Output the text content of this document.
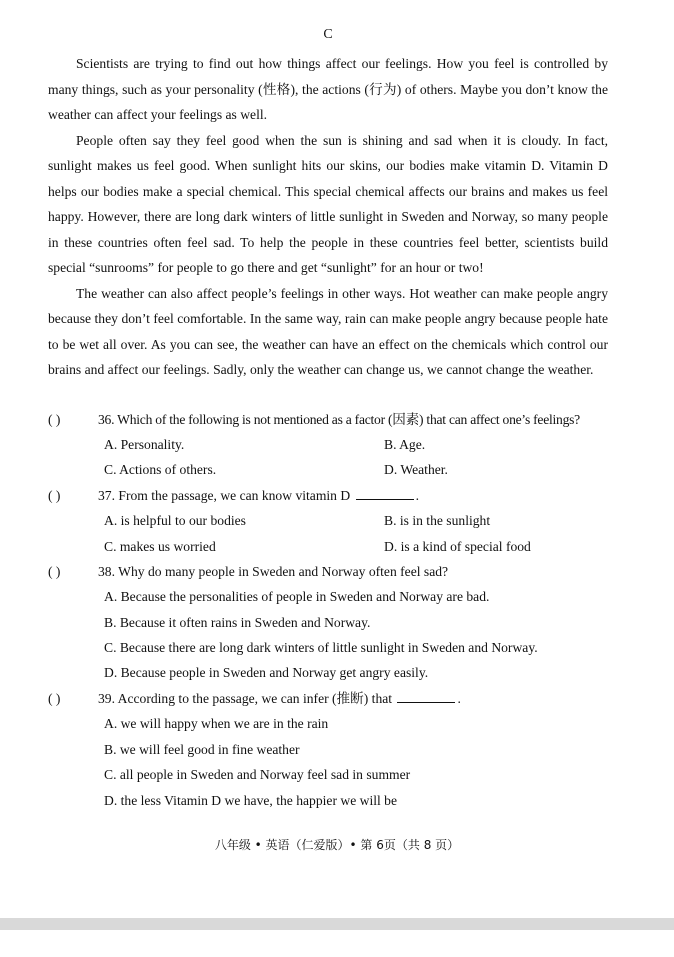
C

Scientists are trying to find out how things affect our feelings. How you feel is controlled by many things, such as your personality (性格), the actions (行为) of others. Maybe you don’t know the weather can affect your feelings as well.

People often say they feel good when the sun is shining and sad when it is cloudy. In fact, sunlight makes us feel good. When sunlight hits our skins, our bodies make vitamin D. Vitamin D helps our bodies make a special chemical. This special chemical affects our brains and makes us feel happy. However, there are long dark winters of little sunlight in Sweden and Norway, so many people in these countries often feel sad. To help the people in these countries feel better, scientists build special “sunrooms” for people to go there and get “sunlight” for an hour or two!

The weather can also affect people’s feelings in other ways. Hot weather can make people angry because they don’t feel comfortable. In the same way, rain can make people angry because people hate to be wet all over. As you can see, the weather can have an effect on the chemicals which control our brains and affect our feelings. Sadly, only the weather can change us, we cannot change the weather.

( )	36. Which of the following is not mentioned as a factor (因素) that can affect one’s feelings?
A. Personality.	B. Age.
C. Actions of others.	D. Weather.
( )	37. From the passage, we can know vitamin D	.
A. is helpful to our bodies	B. is in the sunlight
C. makes us worried	D. is a kind of special food
( )	38. Why do many people in Sweden and Norway often feel sad?
A. Because the personalities of people in Sweden and Norway are bad.
B. Because it often rains in Sweden and Norway.
C. Because there are long dark winters of little sunlight in Sweden and Norway.
D. Because people in Sweden and Norway get angry easily.
( )	39. According to the passage, we can infer (推断) that	.
A. we will happy when we are in the rain
B. we will feel good in fine weather
C. all people in Sweden and Norway feel sad in summer
D. the less Vitamin D we have, the happier we will be
八年级 • 英语（仁爱版）• 第 6页（共 8 页）
